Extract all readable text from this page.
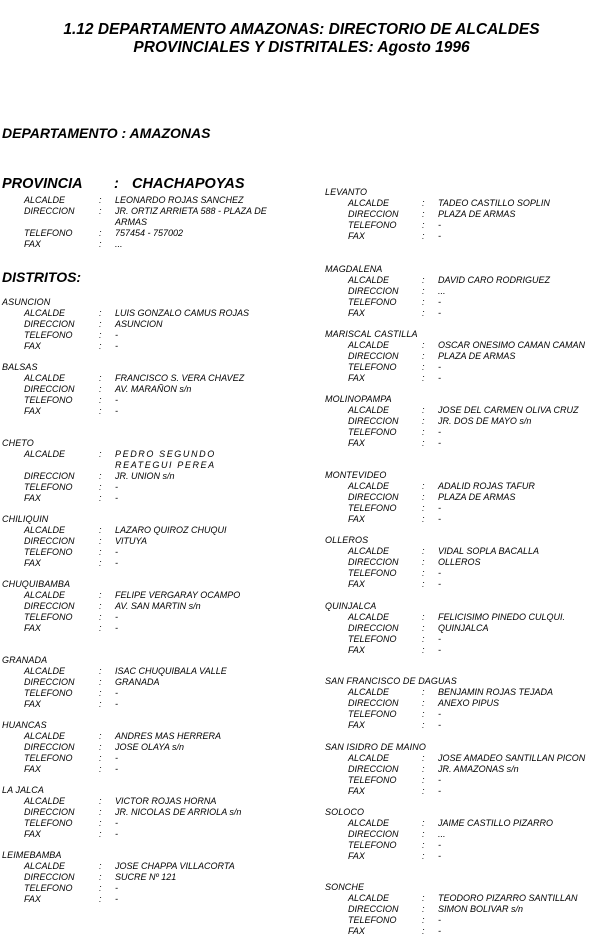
1.12 DEPARTAMENTO AMAZONAS: DIRECTORIO DE ALCALDES
PROVINCIALES Y DISTRITALES: Agosto 1996
DEPARTAMENTO : AMAZONAS
PROVINCIA : CHACHAPOYAS
ALCALDE	: LEONARDO ROJAS SANCHEZ
DIRECCION	: JR. ORTIZ ARRIETA 588 - PLAZA DE ARMAS
TELEFONO	: 757454 - 757002
FAX	: ...
DISTRITOS:
ASUNCION
ALCALDE	: LUIS GONZALO CAMUS ROJAS
DIRECCION	: ASUNCION
TELEFONO	: -
FAX	: -
BALSAS
ALCALDE	: FRANCISCO S. VERA CHAVEZ
DIRECCION	: AV. MARAÑON s/n
TELEFONO	: -
FAX	: -
CHETO
ALCALDE	: PEDRO SEGUNDO REATEGUI PEREA
DIRECCION	: JR. UNION s/n
TELEFONO	: -
FAX	: -
CHILIQUIN
ALCALDE	: LAZARO QUIROZ CHUQUI
DIRECCION	: VITUYA
TELEFONO	: -
FAX	: -
CHUQUIBAMBA
ALCALDE	: FELIPE VERGARAY OCAMPO
DIRECCION	: AV. SAN MARTIN s/n
TELEFONO	: -
FAX	: -
GRANADA
ALCALDE	: ISAC CHUQUIBALA VALLE
DIRECCION	: GRANADA
TELEFONO	: -
FAX	: -
HUANCAS
ALCALDE	: ANDRES MAS HERRERA
DIRECCION	: JOSE OLAYA s/n
TELEFONO	: -
FAX	: -
LA JALCA
ALCALDE	: VICTOR ROJAS HORNA
DIRECCION	: JR. NICOLAS DE ARRIOLA s/n
TELEFONO	: -
FAX	: -
LEIMEBAMBA
ALCALDE	: JOSE CHAPPA VILLACORTA
DIRECCION	: SUCRE Nº 121
TELEFONO	: -
FAX	: -
LEVANTO
ALCALDE	: TADEO CASTILLO SOPLIN
DIRECCION	: PLAZA DE ARMAS
TELEFONO	: -
FAX	: -
MAGDALENA
ALCALDE	: DAVID CARO RODRIGUEZ
DIRECCION	: ...
TELEFONO	: -
FAX	: -
MARISCAL CASTILLA
ALCALDE	: OSCAR ONESIMO CAMAN CAMAN
DIRECCION	: PLAZA DE ARMAS
TELEFONO	: -
FAX	: -
MOLINOPAMPA
ALCALDE	: JOSE DEL CARMEN OLIVA CRUZ
DIRECCION	: JR. DOS DE MAYO s/n
TELEFONO	: -
FAX	: -
MONTEVIDEO
ALCALDE	: ADALID ROJAS TAFUR
DIRECCION	: PLAZA DE ARMAS
TELEFONO	: -
FAX	: -
OLLEROS
ALCALDE	: VIDAL SOPLA BACALLA
DIRECCION	: OLLEROS
TELEFONO	: -
FAX	: -
QUINJALCA
ALCALDE	: FELICISIMO PINEDO CULQUI.
DIRECCION	: QUINJALCA
TELEFONO	: -
FAX	: -
SAN FRANCISCO DE DAGUAS
ALCALDE	: BENJAMIN ROJAS TEJADA
DIRECCION	: ANEXO PIPUS
TELEFONO	: -
FAX	: -
SAN ISIDRO DE MAINO
ALCALDE	: JOSE AMADEO SANTILLAN PICON
DIRECCION	: JR. AMAZONAS s/n
TELEFONO	: -
FAX	: -
SOLOCO
ALCALDE	: JAIME CASTILLO PIZARRO
DIRECCION	: ...
TELEFONO	: -
FAX	: -
SONCHE
ALCALDE	: TEODORO PIZARRO SANTILLAN
DIRECCION	: SIMON BOLIVAR s/n
TELEFONO	: -
FAX	: -
